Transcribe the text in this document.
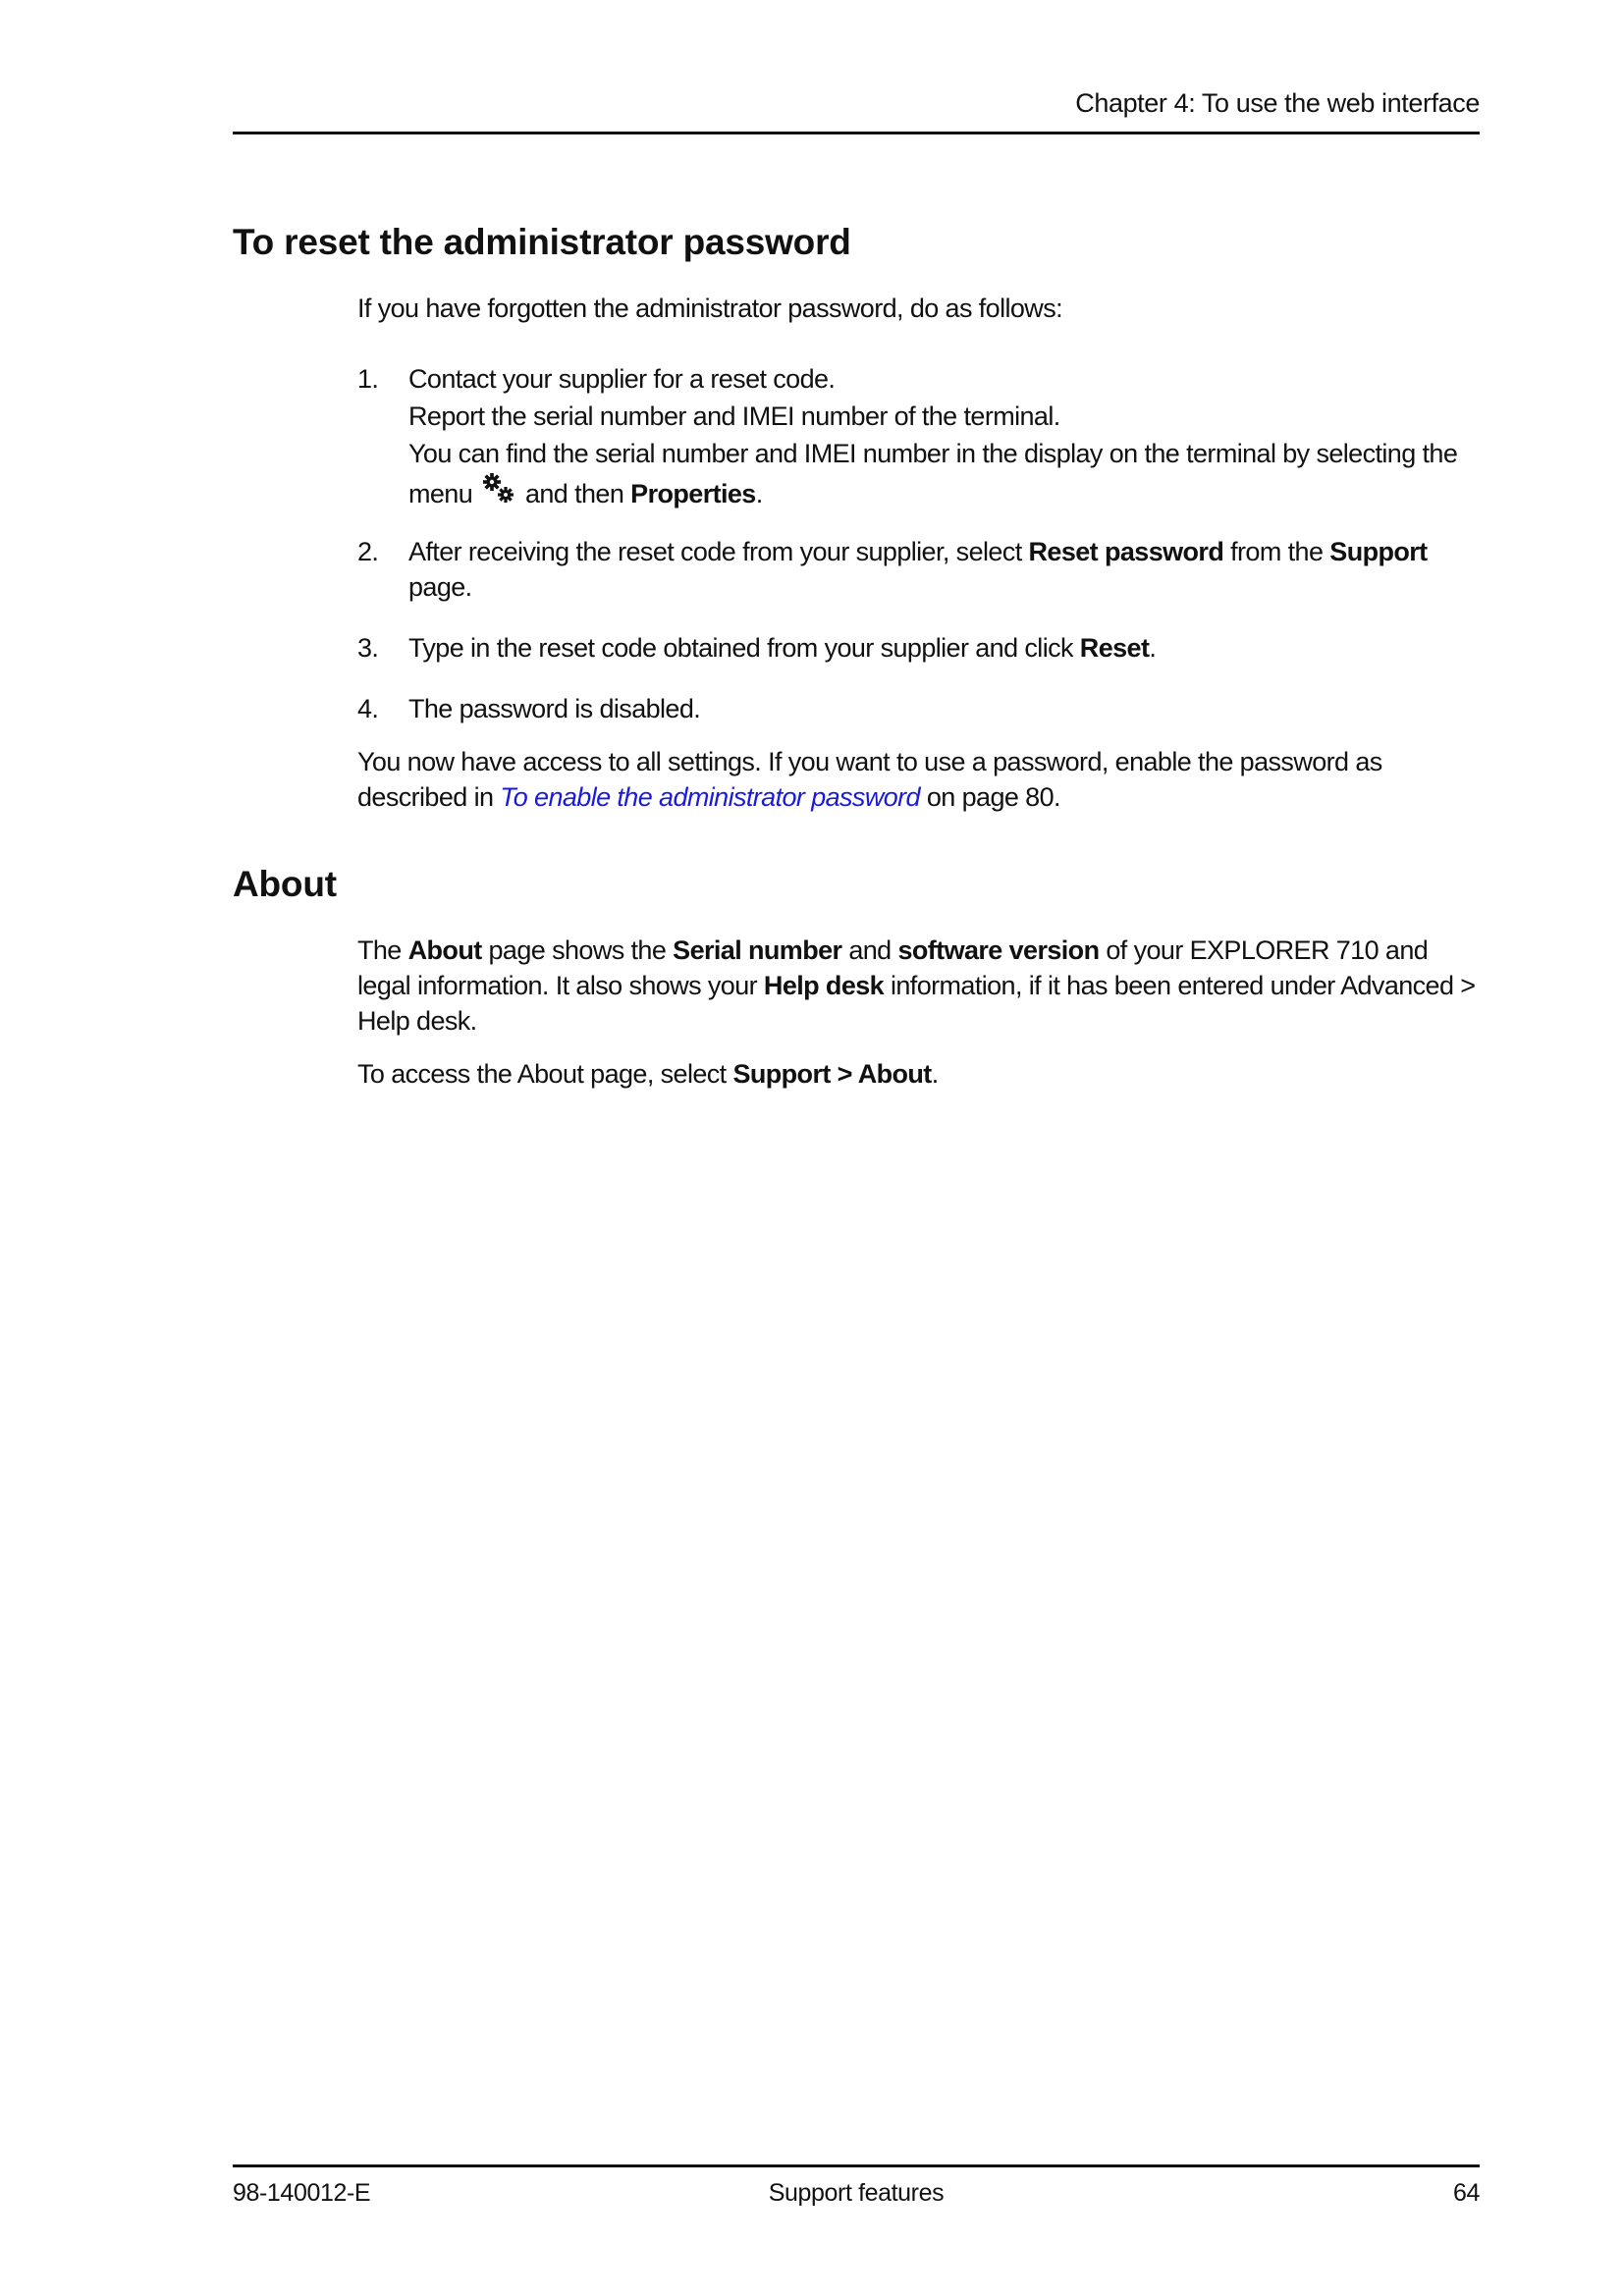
Chapter 4: To use the web interface
To reset the administrator password

If you have forgotten the administrator password, do as follows:

1. Contact your supplier for a reset code.

Report the serial number and IMEI number of the terminal.

You can find the serial number and IMEI number in the display on the terminal by selecting the menu and then Properties.

2. After receiving the reset code from your supplier, select Reset password from the Support page.

3. Type in the reset code obtained from your supplier and click Reset.

4. The password is disabled.

You now have access to all settings. If you want to use a password, enable the password as described in To enable the administrator password on page 80.

About

The About page shows the Serial number and software version of your EXPLORER 710 and legal information. It also shows your Help desk information, if it has been entered under Advanced > Help desk.

To access the About page, select Support > About.

98-140012-E	Support features	64
